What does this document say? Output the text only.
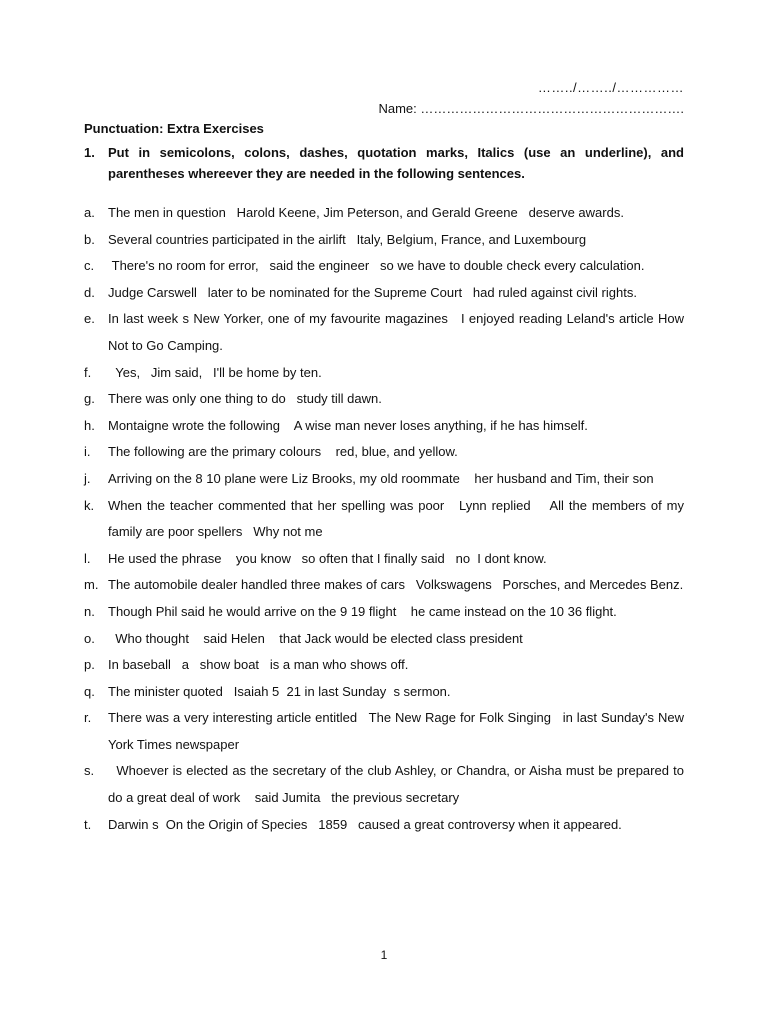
……../……../……………
Name: …………………………………………………….
Punctuation: Extra Exercises
1.	Put in semicolons, colons, dashes, quotation marks, Italics (use an underline), and parentheses whereever they are needed in the following sentences.
a.	The men in question   Harold Keene, Jim Peterson, and Gerald Greene   deserve awards.
b.	Several countries participated in the airlift   Italy, Belgium, France, and Luxembourg
c.	There's no room for error,   said the engineer   so we have to double check every calculation.
d.	Judge Carswell   later to be nominated for the Supreme Court   had ruled against civil rights.
e.	In last week s New Yorker, one of my favourite magazines   I enjoyed reading Leland's article How Not to Go Camping.
f.	Yes,   Jim said,   I'll be home by ten.
g.	There was only one thing to do   study till dawn.
h.	Montaigne wrote the following    A wise man never loses anything, if he has himself.
i.	The following are the primary colours    red, blue, and yellow.
j.	Arriving on the 8 10 plane were Liz Brooks, my old roommate    her husband and Tim, their son
k.	When the teacher commented that her spelling was poor   Lynn replied    All the members of my family are poor spellers   Why not me
l.	He used the phrase    you know   so often that I finally said   no  I dont know.
m. The automobile dealer handled three makes of cars   Volkswagens   Porsches, and Mercedes Benz.
n.	Though Phil said he would arrive on the 9 19 flight    he came instead on the 10 36 flight.
o.	Who thought    said Helen    that Jack would be elected class president
p.	In baseball   a   show boat   is a man who shows off.
q.	The minister quoted   Isaiah 5  21 in last Sunday  s sermon.
r.	There was a very interesting article entitled   The New Rage for Folk Singing   in last Sunday's New York Times newspaper
s.	Whoever is elected as the secretary of the club Ashley, or Chandra, or Aisha must be prepared to do a great deal of work    said Jumita   the previous secretary
t.	Darwin s  On the Origin of Species   1859   caused a great controversy when it appeared.
1
